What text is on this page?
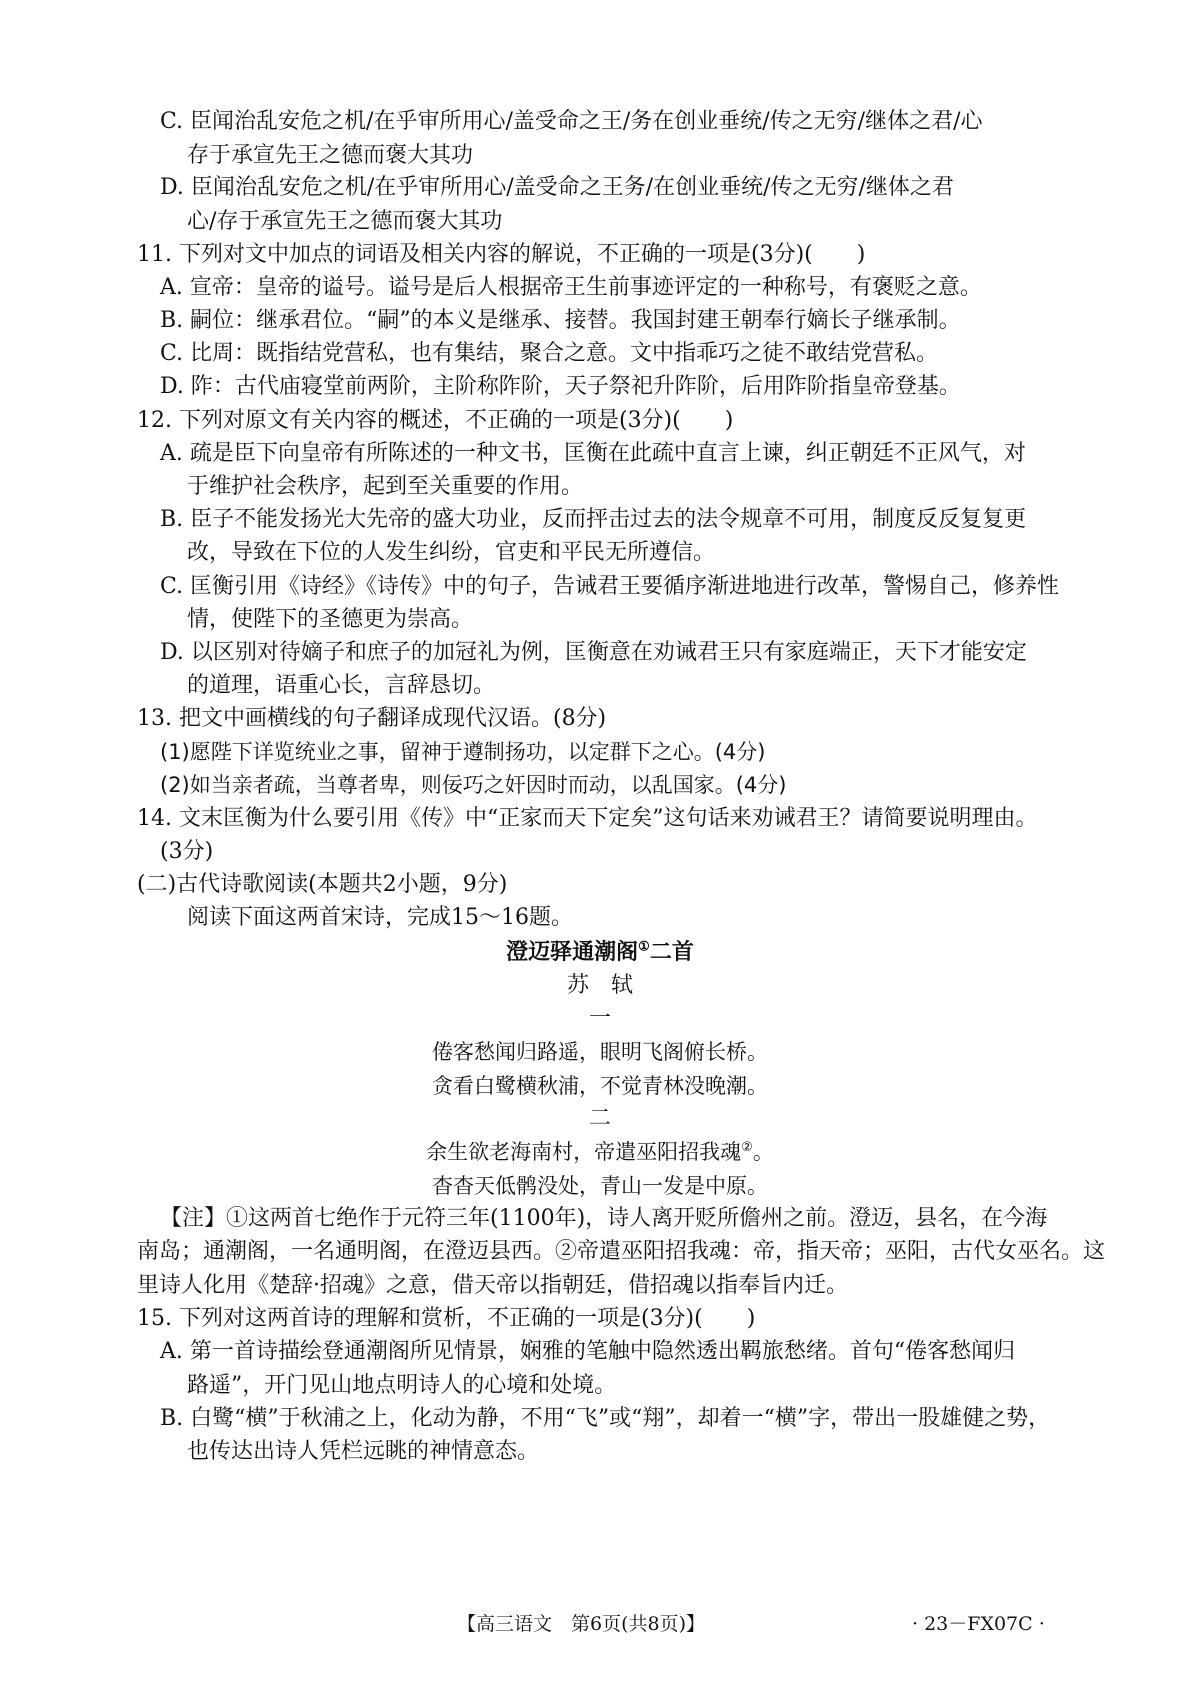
C. 臣闻治乱安危之机/在乎审所用心/盖受命之王/务在创业垂统/传之无穷/继体之君/心
存于承宣先王之德而褒大其功
D. 臣闻治乱安危之机/在乎审所用心/盖受命之王务/在创业垂统/传之无穷/继体之君
心/存于承宣先王之德而褒大其功
11. 下列对文中加点的词语及相关内容的解说，不正确的一项是(3分)(　　)
A. 宣帝：皇帝的谥号。谥号是后人根据帝王生前事迹评定的一种称号，有褒贬之意。
B. 嗣位：继承君位。“嗣”的本义是继承、接替。我国封建王朝奉行嫡长子继承制。
C. 比周：既指结党营私，也有集结，聚合之意。文中指乖巧之徒不敢结党营私。
D. 阼：古代庙寝堂前两阶，主阶称阼阶，天子祭祀升阼阶，后用阼阶指皇帝登基。
12. 下列对原文有关内容的概述，不正确的一项是(3分)(　　)
A. 疏是臣下向皇帝有所陈述的一种文书，匡衡在此疏中直言上谏，纠正朝廷不正风气，对
于维护社会秩序，起到至关重要的作用。
B. 臣子不能发扬光大先帝的盛大功业，反而抨击过去的法令规章不可用，制度反反复复更
改，导致在下位的人发生纠纷，官吏和平民无所遵信。
C. 匡衡引用《诗经》《诗传》中的句子，告诫君王要循序渐进地进行改革，警惕自己，修养性
情，使陛下的圣德更为崇高。
D. 以区别对待嫡子和庶子的加冠礼为例，匡衡意在劝诫君王只有家庭端正，天下才能安定
的道理，语重心长，言辞恳切。
13. 把文中画横线的句子翻译成现代汉语。(8分)
(1)愿陛下详览统业之事，留神于遵制扬功，以定群下之心。(4分)
(2)如当亲者疏，当尊者卑，则佞巧之奸因时而动，以乱国家。(4分)
14. 文末匡衡为什么要引用《传》中“正家而天下定矣”这句话来劝诫君王？请简要说明理由。
(3分)
(二)古代诗歌阅读(本题共2小题，9分)
阅读下面这两首宋诗，完成15～16题。
澄迈驿通潮阁①二首
苏　轼
一
倦客愁闻归路遥，眼明飞阁俯长桥。
贪看白鹭横秋浦，不觉青林没晚潮。
二
余生欲老海南村，帝遣巫阳招我魂②。
杳杳天低鹘没处，青山一发是中原。
【注】①这两首七绝作于元符三年(1100年)，诗人离开贬所儋州之前。澄迈，县名，在今海
南岛；通潮阁，一名通明阁，在澄迈县西。②帝遣巫阳招我魂：帝，指天帝；巫阳，古代女巫名。这
里诗人化用《楚辞·招魂》之意，借天帝以指朝廷，借招魂以指奉旨内迁。
15. 下列对这两首诗的理解和赏析，不正确的一项是(3分)(　　)
A. 第一首诗描绘登通潮阁所见情景，娴雅的笔触中隐然透出羁旅愁绪。首句“倦客愁闻归
路遥”，开门见山地点明诗人的心境和处境。
B. 白鹭“横”于秋浦之上，化动为静，不用“飞”或“翔”，却着一“横”字，带出一股雄健之势，
也传达出诗人凭栏远眺的神情意态。
【高三语文　第6页(共8页)】	· 23－FX07C ·
